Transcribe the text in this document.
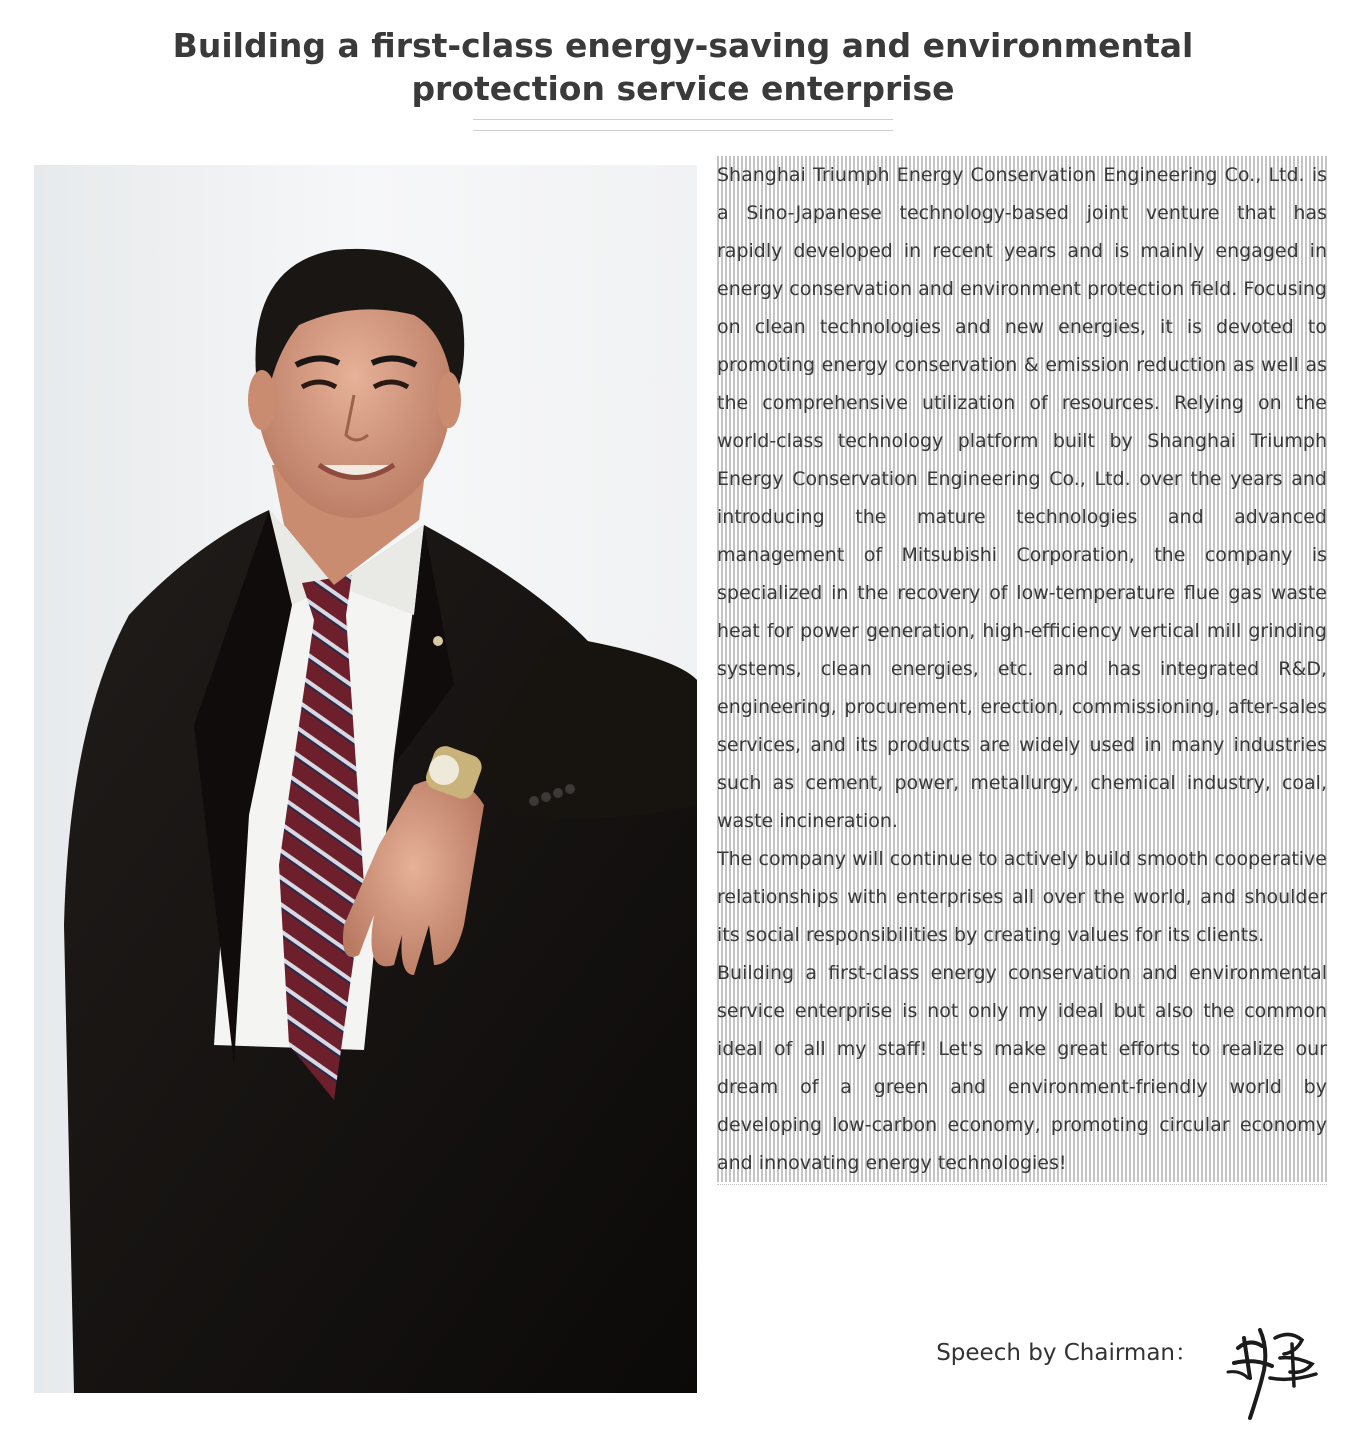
Building a first-class energy-saving and environmental protection service enterprise

Shanghai Triumph Energy Conservation Engineering Co., Ltd. is a Sino-Japanese technology-based joint venture that has rapidly developed in recent years and is mainly engaged in energy conservation and environment protection field. Focusing on clean technologies and new energies, it is devoted to promoting energy conservation & emission reduction as well as the comprehensive utilization of resources. Relying on the world-class technology platform built by Shanghai Triumph Energy Conservation Engineering Co., Ltd. over the years and introducing the mature technologies and advanced management of Mitsubishi Corporation, the company is specialized in the recovery of low-temperature flue gas waste heat for power generation, high-efficiency vertical mill grinding systems, clean energies, etc. and has integrated R&D, engineering, procurement, erection, commissioning, after-sales services, and its products are widely used in many industries such as cement, power, metallurgy, chemical industry, coal, waste incineration.

The company will continue to actively build smooth cooperative relationships with enterprises all over the world, and shoulder its social responsibilities by creating values for its clients.

Building a first-class energy conservation and environmental service enterprise is not only my ideal but also the common ideal of all my staff! Let's make great efforts to realize our dream of a green and environment-friendly world by developing low-carbon economy, promoting circular economy and innovating energy technologies!

Speech by Chairman：
